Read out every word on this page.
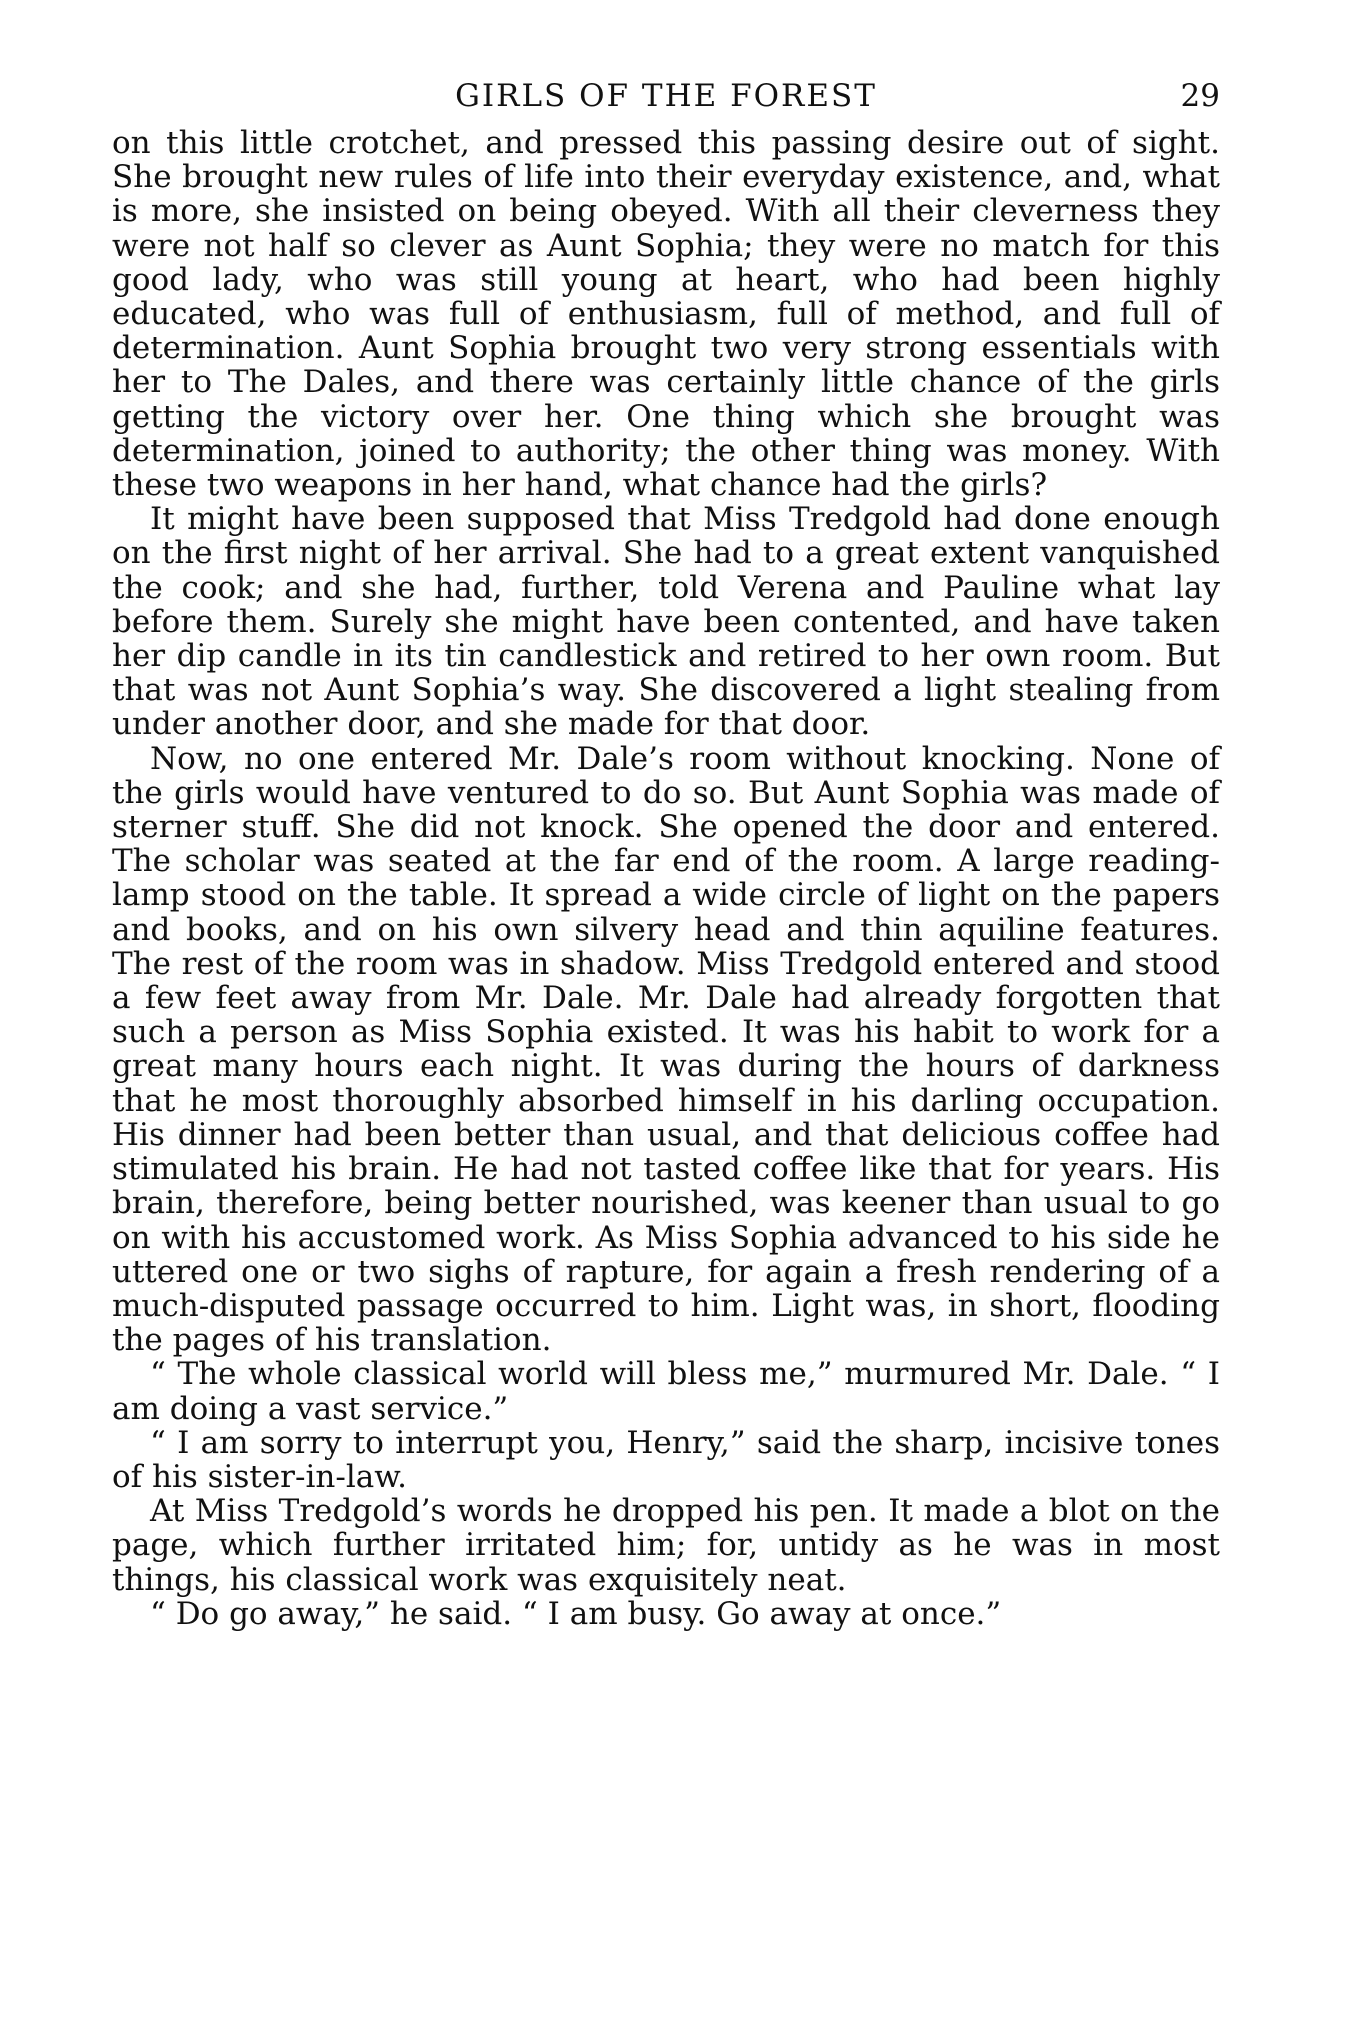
GIRLS OF THE FOREST	29

on this little crotchet, and pressed this passing desire out of sight. She brought new rules of life into their everyday existence, and, what is more, she insisted on being obeyed. With all their cleverness they were not half so clever as Aunt Sophia; they were no match for this good lady, who was still young at heart, who had been highly educated, who was full of enthusiasm, full of method, and full of determination. Aunt Sophia brought two very strong essentials with her to The Dales, and there was certainly little chance of the girls getting the victory over her. One thing which she brought was determination, joined to authority; the other thing was money. With these two weapons in her hand, what chance had the girls?

It might have been supposed that Miss Tredgold had done enough on the first night of her arrival. She had to a great extent vanquished the cook; and she had, further, told Verena and Pauline what lay before them. Surely she might have been contented, and have taken her dip candle in its tin candlestick and retired to her own room. But that was not Aunt Sophia’s way. She discovered a light stealing from under another door, and she made for that door.

Now, no one entered Mr. Dale’s room without knocking. None of the girls would have ventured to do so. But Aunt Sophia was made of sterner stuff. She did not knock. She opened the door and entered. The scholar was seated at the far end of the room. A large reading-lamp stood on the table. It spread a wide circle of light on the papers and books, and on his own silvery head and thin aquiline features. The rest of the room was in shadow. Miss Tredgold entered and stood a few feet away from Mr. Dale. Mr. Dale had already forgotten that such a person as Miss Sophia existed. It was his habit to work for a great many hours each night. It was during the hours of darkness that he most thoroughly absorbed himself in his darling occupation. His dinner had been better than usual, and that delicious coffee had stimulated his brain. He had not tasted coffee like that for years. His brain, therefore, being better nourished, was keener than usual to go on with his accustomed work. As Miss Sophia advanced to his side he uttered one or two sighs of rapture, for again a fresh rendering of a much-disputed passage occurred to him. Light was, in short, flooding the pages of his translation.

“ The whole classical world will bless me,” murmured Mr. Dale. “ I am doing a vast service.”

“ I am sorry to interrupt you, Henry,” said the sharp, incisive tones of his sister-in-law.

At Miss Tredgold’s words he dropped his pen. It made a blot on the page, which further irritated him; for, untidy as he was in most things, his classical work was exquisitely neat.

“ Do go away,” he said. “ I am busy. Go away at once.”
